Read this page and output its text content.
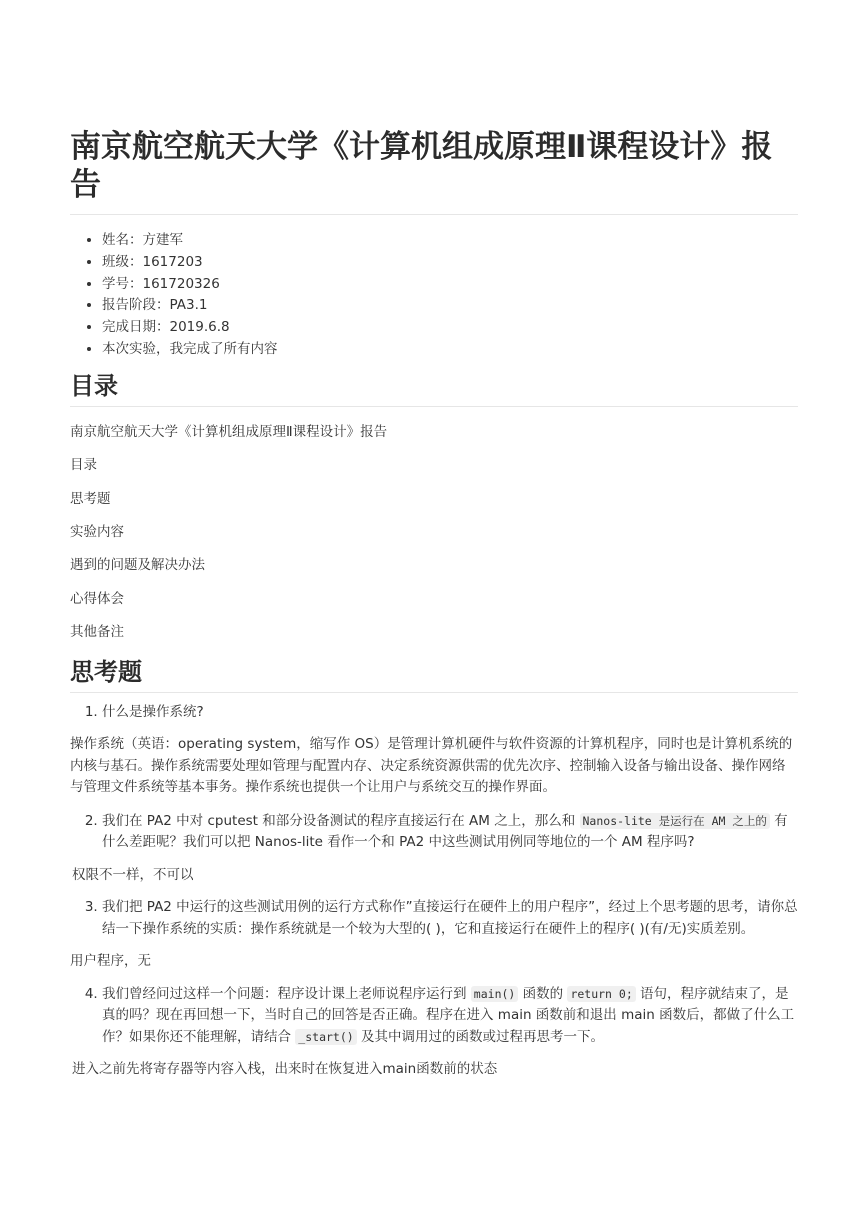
南京航空航天大学《计算机组成原理Ⅱ课程设计》报告
• 姓名：方建军
• 班级：1617203
• 学号：161720326
• 报告阶段：PA3.1
• 完成日期：2019.6.8
• 本次实验，我完成了所有内容
目录

南京航空航天大学《计算机组成原理Ⅱ课程设计》报告

目录

思考题

实验内容

遇到的问题及解决办法

心得体会

其他备注

思考题
1. 什么是操作系统?

操作系统（英语：operating system，缩写作 OS）是管理计算机硬件与软件资源的计算机程序，同时也是计算机系统的内核与基石。操作系统需要处理如管理与配置内存、决定系统资源供需的优先次序、控制输入设备与输出设备、操作网络与管理文件系统等基本事务。操作系统也提供一个让用户与系统交互的操作界面。

2. 我们在 PA2 中对 cputest 和部分设备测试的程序直接运行在 AM 之上，那么和 Nanos-lite 是运行在 AM 之上的 有什么差距呢？我们可以把 Nanos-lite 看作一个和 PA2 中这些测试用例同等地位的一个 AM 程序吗?

权限不一样，不可以

3. 我们把 PA2 中运行的这些测试用例的运行方式称作”直接运行在硬件上的用户程序”，经过上个思考题的思考，请你总结一下操作系统的实质：操作系统就是一个较为大型的( )，它和直接运行在硬件上的程序( )(有/无)实质差别。

用户程序，无

4. 我们曾经问过这样一个问题：程序设计课上老师说程序运行到 main() 函数的 return 0; 语句，程序就结束了，是真的吗？现在再回想一下，当时自己的回答是否正确。程序在进入 main 函数前和退出 main 函数后，都做了什么工作？如果你还不能理解，请结合 _start() 及其中调用过的函数或过程再思考一下。

进入之前先将寄存器等内容入栈，出来时在恢复进入main函数前的状态
